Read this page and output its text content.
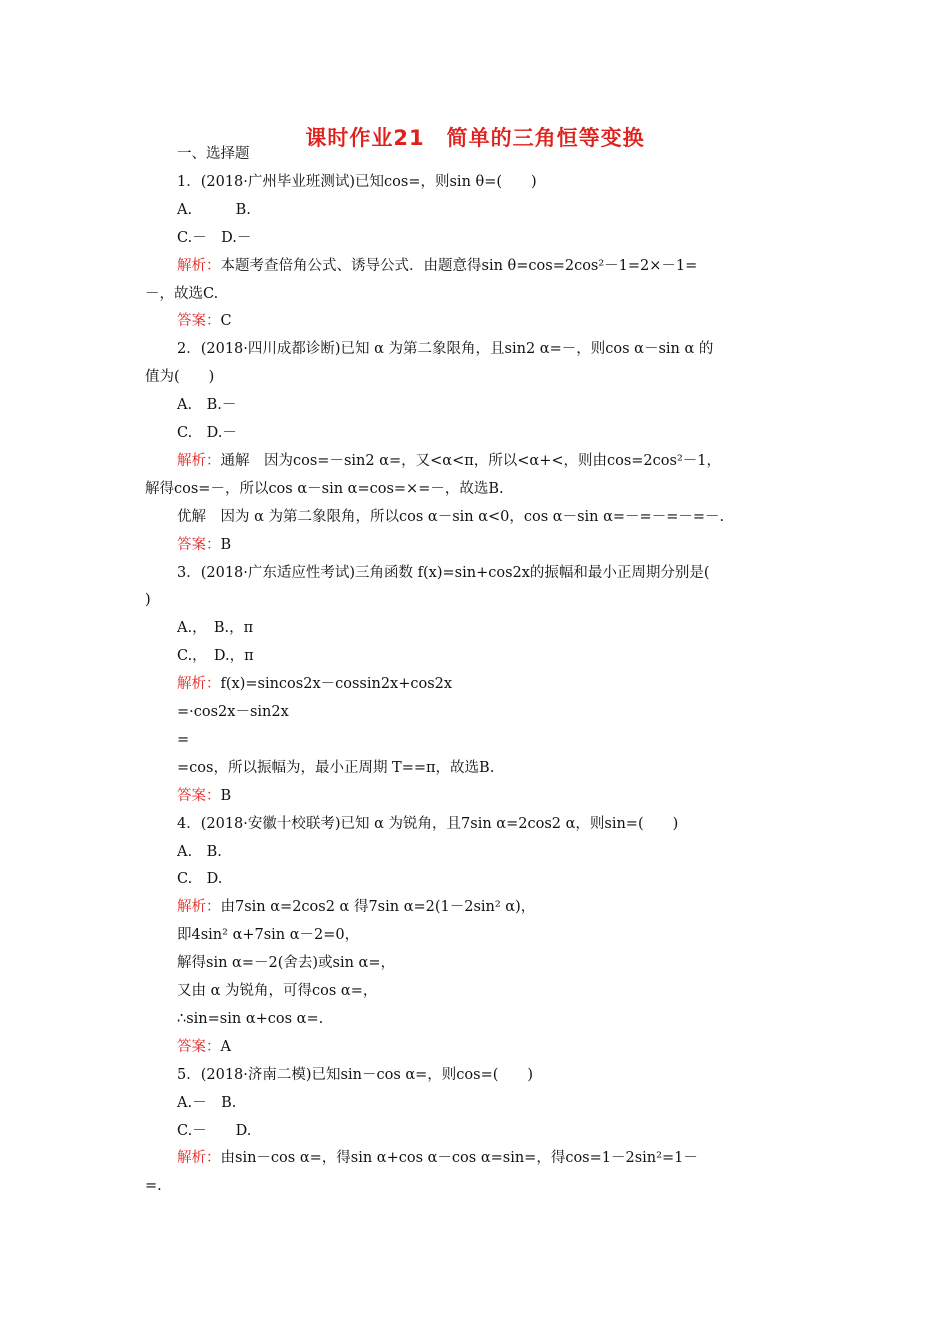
课时作业21　简单的三角恒等变换
一、选择题
1．(2018·广州毕业班测试)已知cos=，则sin θ=(　　)
A.　　　B.
C.－　D.－
解析：本题考查倍角公式、诱导公式．由题意得sin θ=cos=2cos²－1=2×－1=
－，故选C.
答案：C
2．(2018·四川成都诊断)已知 α 为第二象限角，且sin2 α=－，则cos α－sin α 的
值为(　　)
A.　B.－
C.　D.－
解析：通解　因为cos=－sin2 α=，又<α<π，所以<α+<，则由cos=2cos²－1，
解得cos=－，所以cos α－sin α=cos=×=－，故选B.
优解　因为 α 为第二象限角，所以cos α－sin α<0，cos α－sin α=－=－=－=－.
答案：B
3．(2018·广东适应性考试)三角函数 f(x)=sin+cos2x的振幅和最小正周期分别是(
)
A.，　B.，π
C.，　D.，π
解析：f(x)=sincos2x－cossin2x+cos2x
=·cos2x－sin2x
=
=cos，所以振幅为，最小正周期 T==π，故选B.
答案：B
4．(2018·安徽十校联考)已知 α 为锐角，且7sin α=2cos2 α，则sin=(　　)
A.　B.
C.　D.
解析：由7sin α=2cos2 α 得7sin α=2(1－2sin² α)，
即4sin² α+7sin α－2=0，
解得sin α=－2(舍去)或sin α=，
又由 α 为锐角，可得cos α=，
∴sin=sin α+cos α=.
答案：A
5．(2018·济南二模)已知sin－cos α=，则cos=(　　)
A.－　B.
C.－　　D.
解析：由sin－cos α=，得sin α+cos α－cos α=sin=，得cos=1－2sin²=1－
=.
